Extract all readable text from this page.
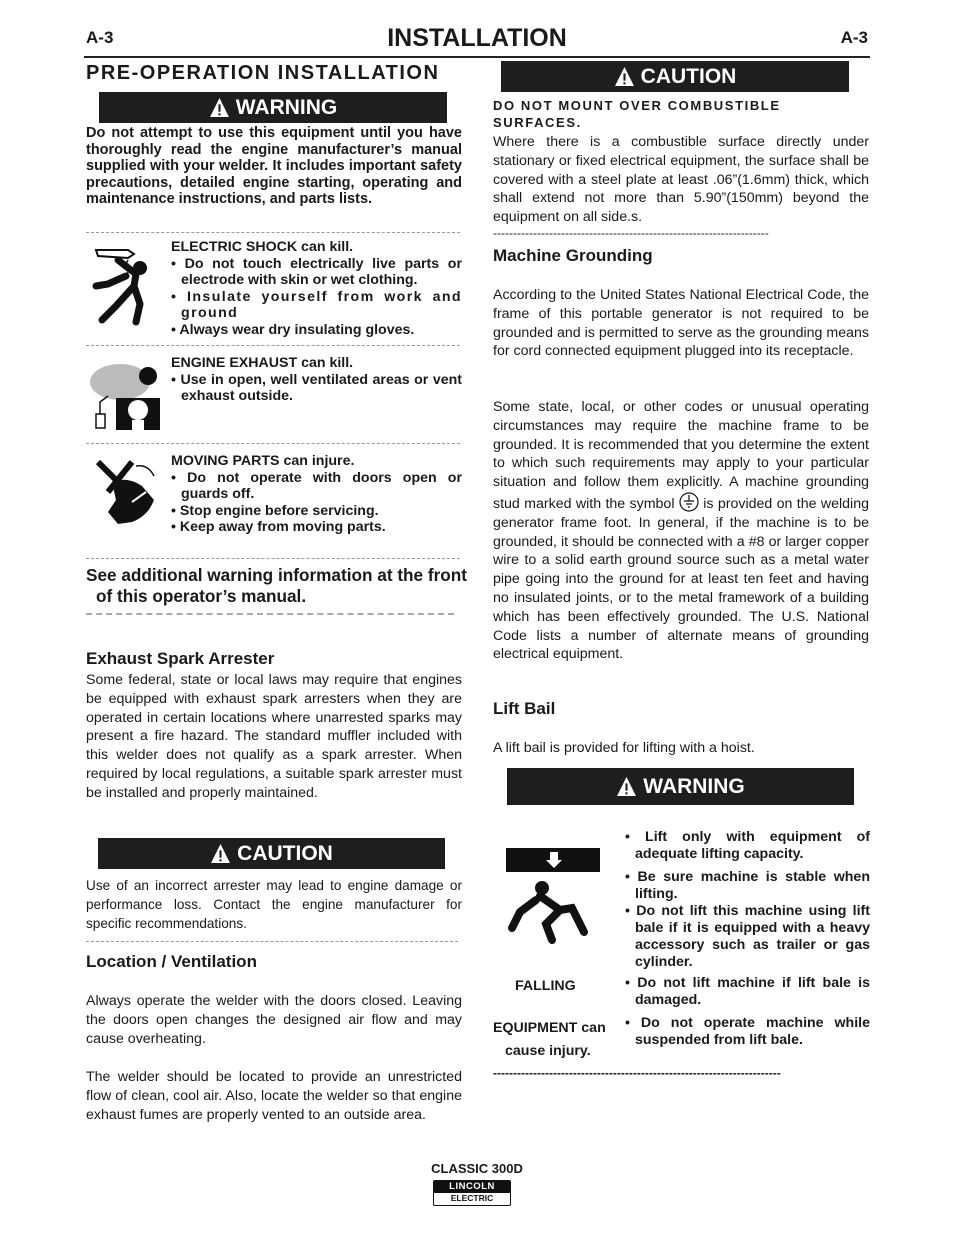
A-3	A-3
INSTALLATION
PRE-OPERATION INSTALLATION
WARNING
Do not attempt to use this equipment until you have thoroughly read the engine manufacturer’s manual supplied with your welder. It includes important safety precautions, detailed engine starting, operating and maintenance instructions, and parts lists.
ELECTRIC SHOCK can kill.
• Do not touch electrically live parts or electrode with skin or wet clothing.
• Insulate yourself from work and ground
• Always wear dry insulating gloves.
ENGINE EXHAUST can kill.
• Use in open, well ventilated areas or vent exhaust outside.
MOVING PARTS can injure.
• Do not operate with doors open or guards off.
• Stop engine before servicing.
• Keep away from moving parts.
See additional warning information at the front of this operator’s manual.
Exhaust Spark Arrester
Some federal, state or local laws may require that engines be equipped with exhaust spark arresters when they are operated in certain locations where unarrested sparks may present a fire hazard. The standard muffler included with this welder does not qualify as a spark arrester. When required by local regulations, a suitable spark arrester must be installed and properly maintained.
CAUTION
Use of an incorrect arrester may lead to engine damage or performance loss. Contact the engine manufacturer for specific recommendations.
Location / Ventilation
Always operate the welder with the doors closed. Leaving the doors open changes the designed air flow and may cause overheating.
The welder should be located to provide an unrestricted flow of clean, cool air. Also, locate the welder so that engine exhaust fumes are properly vented to an outside area.
CAUTION
DO NOT MOUNT OVER COMBUSTIBLE SURFACES.
Where there is a combustible surface directly under stationary or fixed electrical equipment, the surface shall be covered with a steel plate at least .06”(1.6mm) thick, which shall extend not more than 5.90”(150mm) beyond the equipment on all side.s.
---------------------------------------------------------------------
Machine Grounding
According to the United States National Electrical Code, the frame of this portable generator is not required to be grounded and is permitted to serve as the grounding means for cord connected equipment plugged into its receptacle.
Some state, local, or other codes or unusual operating circumstances may require the machine frame to be grounded. It is recommended that you determine the extent to which such requirements may apply to your particular situation and follow them explicitly. A machine grounding stud marked with the symbol is provided on the welding generator frame foot. In general, if the machine is to be grounded, it should be connected with a #8 or larger copper wire to a solid earth ground source such as a metal water pipe going into the ground for at least ten feet and having no insulated joints, or to the metal framework of a building which has been effectively grounded. The U.S. National Code lists a number of alternate means of grounding electrical equipment.
Lift Bail
A lift bail is provided for lifting with a hoist.
WARNING
• Lift only with equipment of adequate lifting capacity.
• Be sure machine is stable when lifting.
• Do not lift this machine using lift bale if it is equipped with a heavy accessory such as trailer or gas cylinder.
• Do not lift machine if lift bale is damaged.
• Do not operate machine while suspended from lift bale.
FALLING
EQUIPMENT can
cause injury.
------------------------------------------------------------------------
CLASSIC 300D
LINCOLN
ELECTRIC
